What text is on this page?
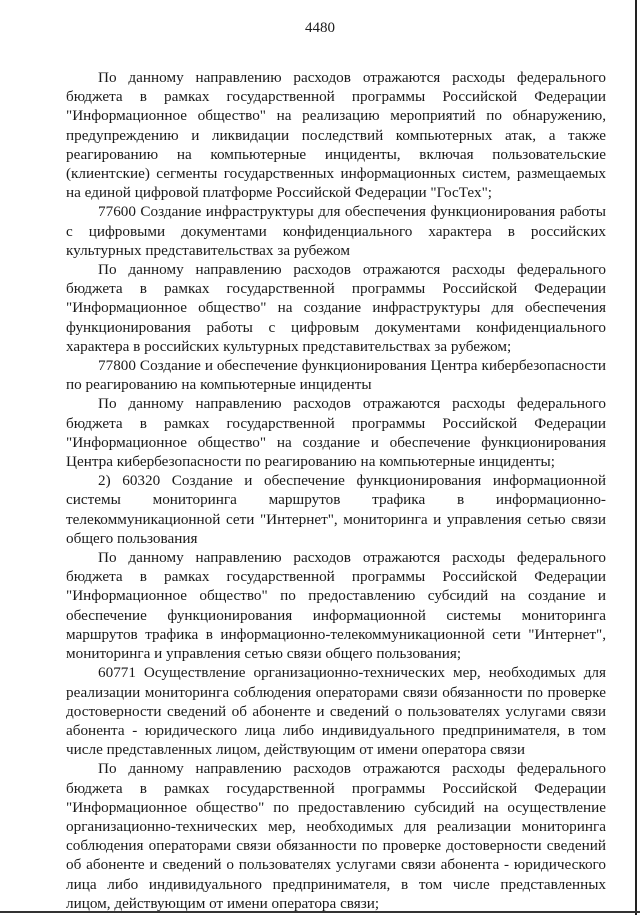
4480

По данному направлению расходов отражаются расходы федерального бюджета в рамках государственной программы Российской Федерации "Информационное общество" на реализацию мероприятий по обнаружению, предупреждению и ликвидации последствий компьютерных атак, а также реагированию на компьютерные инциденты, включая пользовательские (клиентские) сегменты государственных информационных систем, размещаемых на единой цифровой платформе Российской Федерации "ГосТех";

77600 Создание инфраструктуры для обеспечения функционирования работы с цифровыми документами конфиденциального характера в российских культурных представительствах за рубежом

По данному направлению расходов отражаются расходы федерального бюджета в рамках государственной программы Российской Федерации "Информационное общество" на создание инфраструктуры для обеспечения функционирования работы с цифровым документами конфиденциального характера в российских культурных представительствах за рубежом;

77800 Создание и обеспечение функционирования Центра кибербезопасности по реагированию на компьютерные инциденты

По данному направлению расходов отражаются расходы федерального бюджета в рамках государственной программы Российской Федерации "Информационное общество" на создание и обеспечение функционирования Центра кибербезопасности по реагированию на компьютерные инциденты;

2) 60320 Создание и обеспечение функционирования информационной системы мониторинга маршрутов трафика в информационно-телекоммуникационной сети "Интернет", мониторинга и управления сетью связи общего пользования

По данному направлению расходов отражаются расходы федерального бюджета в рамках государственной программы Российской Федерации "Информационное общество" по предоставлению субсидий на создание и обеспечение функционирования информационной системы мониторинга маршрутов трафика в информационно-телекоммуникационной сети "Интернет", мониторинга и управления сетью связи общего пользования;

60771 Осуществление организационно-технических мер, необходимых для реализации мониторинга соблюдения операторами связи обязанности по проверке достоверности сведений об абоненте и сведений о пользователях услугами связи абонента - юридического лица либо индивидуального предпринимателя, в том числе представленных лицом, действующим от имени оператора связи

По данному направлению расходов отражаются расходы федерального бюджета в рамках государственной программы Российской Федерации "Информационное общество" по предоставлению субсидий на осуществление организационно-технических мер, необходимых для реализации мониторинга соблюдения операторами связи обязанности по проверке достоверности сведений об абоненте и сведений о пользователях услугами связи абонента - юридического лица либо индивидуального предпринимателя, в том числе представленных лицом, действующим от имени оператора связи;
